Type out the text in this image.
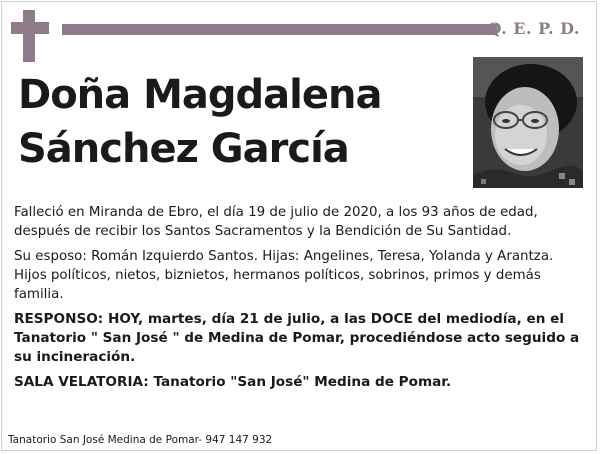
Q. E. P. D.
Doña Magdalena
Sánchez García

Falleció en Miranda de Ebro, el día 19 de julio de 2020, a los 93 años de edad, después de recibir los Santos Sacramentos y la Bendición de Su Santidad.

Su esposo: Román Izquierdo Santos. Hijas: Angelines, Teresa, Yolanda y Arantza. Hijos políticos, nietos, biznietos, hermanos políticos, sobrinos, primos y demás familia.

RESPONSO: HOY, martes, día 21 de julio, a las DOCE del mediodía, en el Tanatorio " San José " de Medina de Pomar, procediéndose acto seguido a su incineración.

SALA VELATORIA: Tanatorio "San José" Medina de Pomar.

Tanatorio San José Medina de Pomar- 947 147 932
